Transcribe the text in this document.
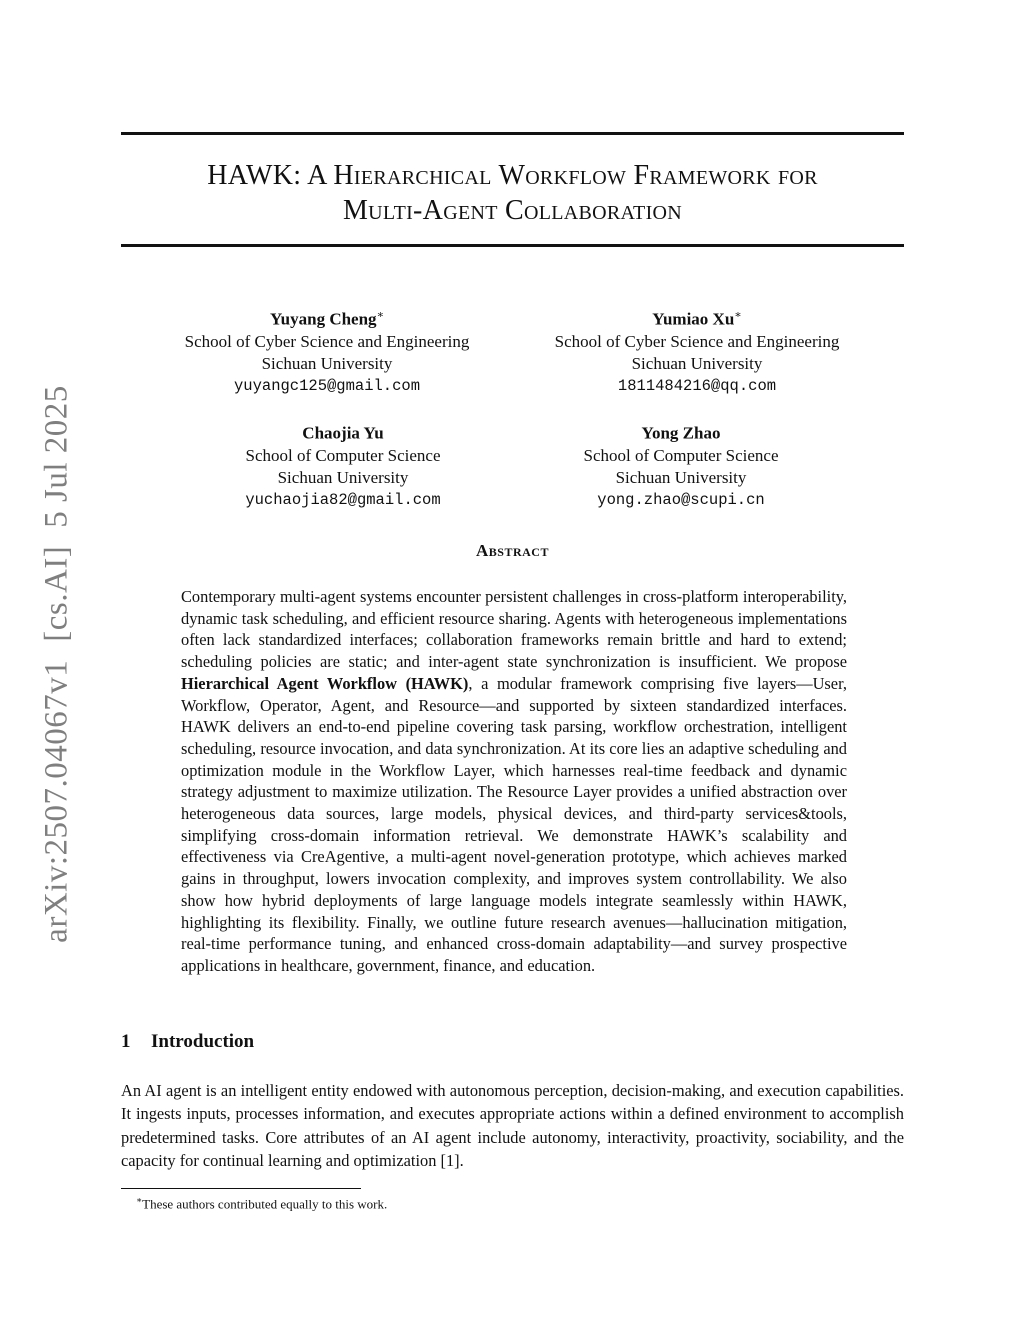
arXiv:2507.04067v1[cs.AI]5 Jul 2025
HAWK: A Hierarchical Workflow Framework for
Multi-Agent Collaboration
Yuyang Cheng∗
School of Cyber Science and Engineering
Sichuan University
yuyangc125@gmail.com
Yumiao Xu∗
School of Cyber Science and Engineering
Sichuan University
1811484216@qq.com
Chaojia Yu
School of Computer Science
Sichuan University
yuchaojia82@gmail.com
Yong Zhao
School of Computer Science
Sichuan University
yong.zhao@scupi.cn
Abstract
Contemporary multi-agent systems encounter persistent challenges in cross-platform interoperability, dynamic task scheduling, and efficient resource sharing. Agents with heterogeneous implementations often lack standardized interfaces; collaboration frameworks remain brittle and hard to extend; scheduling policies are static; and inter-agent state synchronization is insufficient. We propose Hierarchical Agent Workflow (HAWK), a modular framework comprising five layers—User, Workflow, Operator, Agent, and Resource—and supported by sixteen standardized interfaces. HAWK delivers an end-to-end pipeline covering task parsing, workflow orchestration, intelligent scheduling, resource invocation, and data synchronization. At its core lies an adaptive scheduling and optimization module in the Workflow Layer, which harnesses real-time feedback and dynamic strategy adjustment to maximize utilization. The Resource Layer provides a unified abstraction over heterogeneous data sources, large models, physical devices, and third-party services&tools, simplifying cross-domain information retrieval. We demonstrate HAWK’s scalability and effectiveness via CreAgentive, a multi-agent novel-generation prototype, which achieves marked gains in throughput, lowers invocation complexity, and improves system controllability. We also show how hybrid deployments of large language models integrate seamlessly within HAWK, highlighting its flexibility. Finally, we outline future research avenues—hallucination mitigation, real-time performance tuning, and enhanced cross-domain adaptability—and survey prospective applications in healthcare, government, finance, and education.
1 Introduction
An AI agent is an intelligent entity endowed with autonomous perception, decision-making, and execution capabilities. It ingests inputs, processes information, and executes appropriate actions within a defined environment to accomplish predetermined tasks. Core attributes of an AI agent include autonomy, interactivity, proactivity, sociability, and the capacity for continual learning and optimization [1].
∗These authors contributed equally to this work.
